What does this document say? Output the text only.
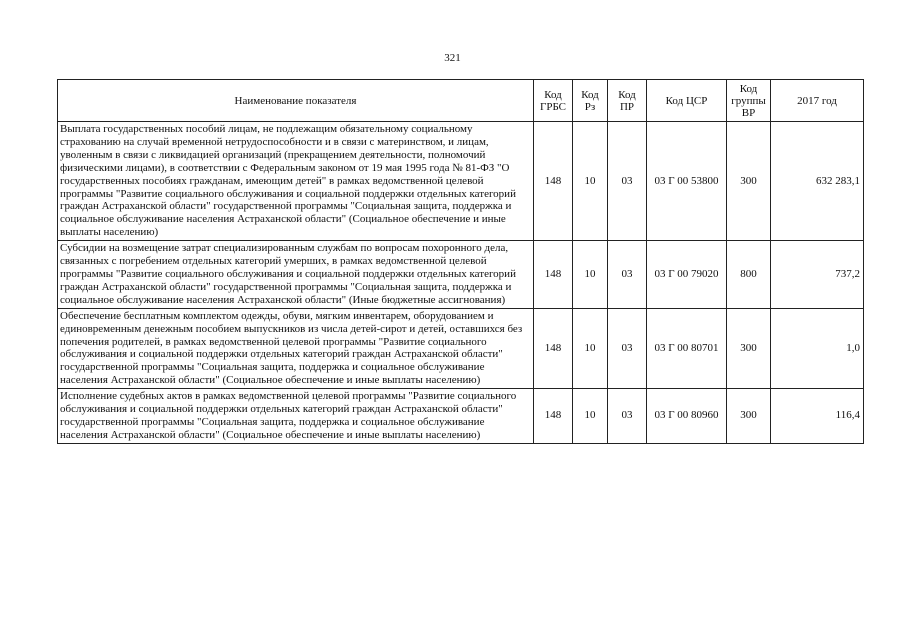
321
Наименование показателя	Код ГРБС	Код Рз	Код ПР	Код ЦСР	Код группы ВР	2017 год
Выплата государственных пособий лицам, не подлежащим обязательному социальному страхованию на случай временной нетрудоспособности и в связи с материнством, и лицам, уволенным в связи с ликвидацией организаций (прекращением деятельности, полномочий физическими лицами), в соответствии с Федеральным законом от 19 мая 1995 года № 81-ФЗ "О государственных пособиях гражданам, имеющим детей" в рамках ведомственной целевой программы "Развитие социального обслуживания и социальной поддержки отдельных категорий граждан Астраханской области" государственной программы "Социальная защита, поддержка и социальное обслуживание населения Астраханской области" (Социальное обеспечение и иные выплаты населению)	148	10	03	03 Г 00 53800	300	632 283,1
Субсидии на возмещение затрат специализированным службам по вопросам похоронного дела, связанных с погребением отдельных категорий умерших, в рамках ведомственной целевой программы "Развитие социального обслуживания и социальной поддержки отдельных категорий граждан Астраханской области" государственной программы "Социальная защита, поддержка и социальное обслуживание населения Астраханской области" (Иные бюджетные ассигнования)	148	10	03	03 Г 00 79020	800	737,2
Обеспечение бесплатным комплектом одежды, обуви, мягким инвентарем, оборудованием и единовременным денежным пособием выпускников из числа детей-сирот и детей, оставшихся без попечения родителей, в рамках ведомственной целевой программы "Развитие социального обслуживания и социальной поддержки отдельных категорий граждан Астраханской области" государственной программы "Социальная защита, поддержка и социальное обслуживание населения Астраханской области" (Социальное обеспечение и иные выплаты населению)	148	10	03	03 Г 00 80701	300	1,0
Исполнение судебных актов в рамках ведомственной целевой программы "Развитие социального обслуживания и социальной поддержки отдельных категорий граждан Астраханской области" государственной программы "Социальная защита, поддержка и социальное обслуживание населения Астраханской области" (Социальное обеспечение и иные выплаты населению)	148	10	03	03 Г 00 80960	300	116,4
